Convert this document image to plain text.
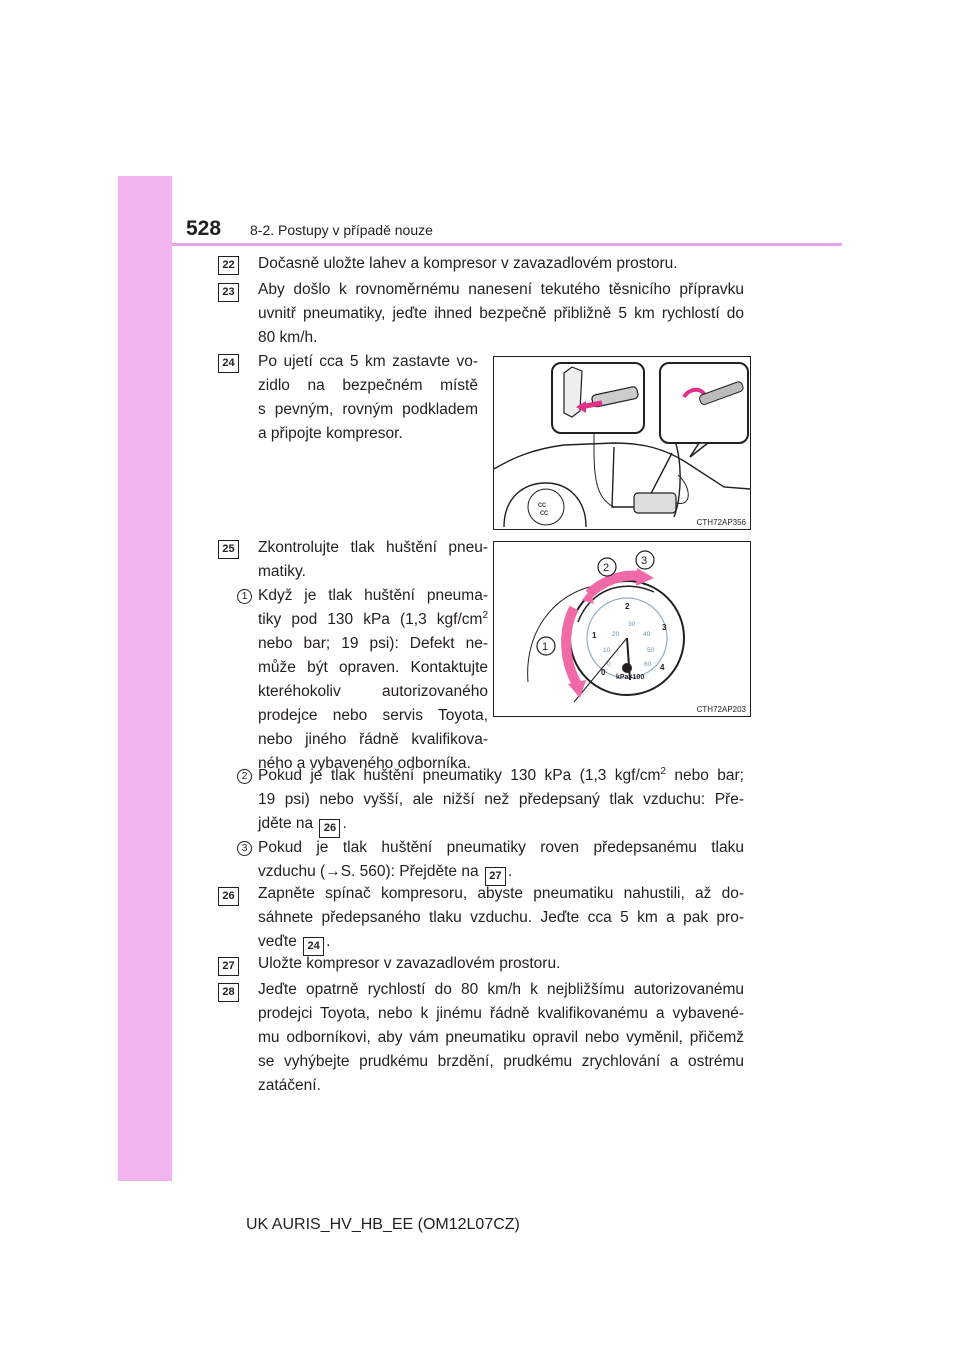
528 8-2. Postupy v případě nouze
22 Dočasně uložte lahev a kompresor v zavazadlovém prostoru.
23 Aby došlo k rovnoměrnému nanesení tekutého těsnicího přípravku
uvnitř pneumatiky, jeďte ihned bezpečně přibližně 5 km rychlostí do
80 km/h.
24 Po ujetí cca 5 km zastavte vo-
zidlo na bezpečném místě
s pevným, rovným podkladem
a připojte kompresor.
cc
cc
CTH72AP356
25 Zkontrolujte tlak huštění pneu-
matiky.
0
1
2
3
4
0
10
20
30
40
50
60
kPa×100
2
3
1
CTH72AP203
1 Když je tlak huštění pneuma-
tiky pod 130 kPa (1,3 kgf/$cm^2$
nebo bar; 19 psi): Defekt ne-
může být opraven. Kontaktujte
kteréhokoliv autorizovaného
prodejce nebo servis Toyota,
nebo jiného řádně kvalifikova-
ného a vybaveného odborníka.
2 Pokud je tlak huštění pneumatiky 130 kPa (1,3 kgf/$cm^2$ nebo bar;
19 psi) nebo vyšší, ale nižší než předepsaný tlak vzduchu: Pře-
jděte na 26 .
3 Pokud je tlak huštění pneumatiky roven předepsanému tlaku
vzduchu (→S. 560): Přejděte na 27 .
26 Zapněte spínač kompresoru, abyste pneumatiku nahustili, až do-
sáhnete předepsaného tlaku vzduchu. Jeďte cca 5 km a pak pro-
veďte 24 .
27 Uložte kompresor v zavazadlovém prostoru.
28 Jeďte opatrně rychlostí do 80 km/h k nejbližšímu autorizovanému
prodejci Toyota, nebo k jinému řádně kvalifikovanému a vybavené-
mu odborníkovi, aby vám pneumatiku opravil nebo vyměnil, přičemž
se vyhýbejte prudkému brzdění, prudkému zrychlování a ostrému
zatáčení.
UK AURIS_HV_HB_EE (OM12L07CZ)
